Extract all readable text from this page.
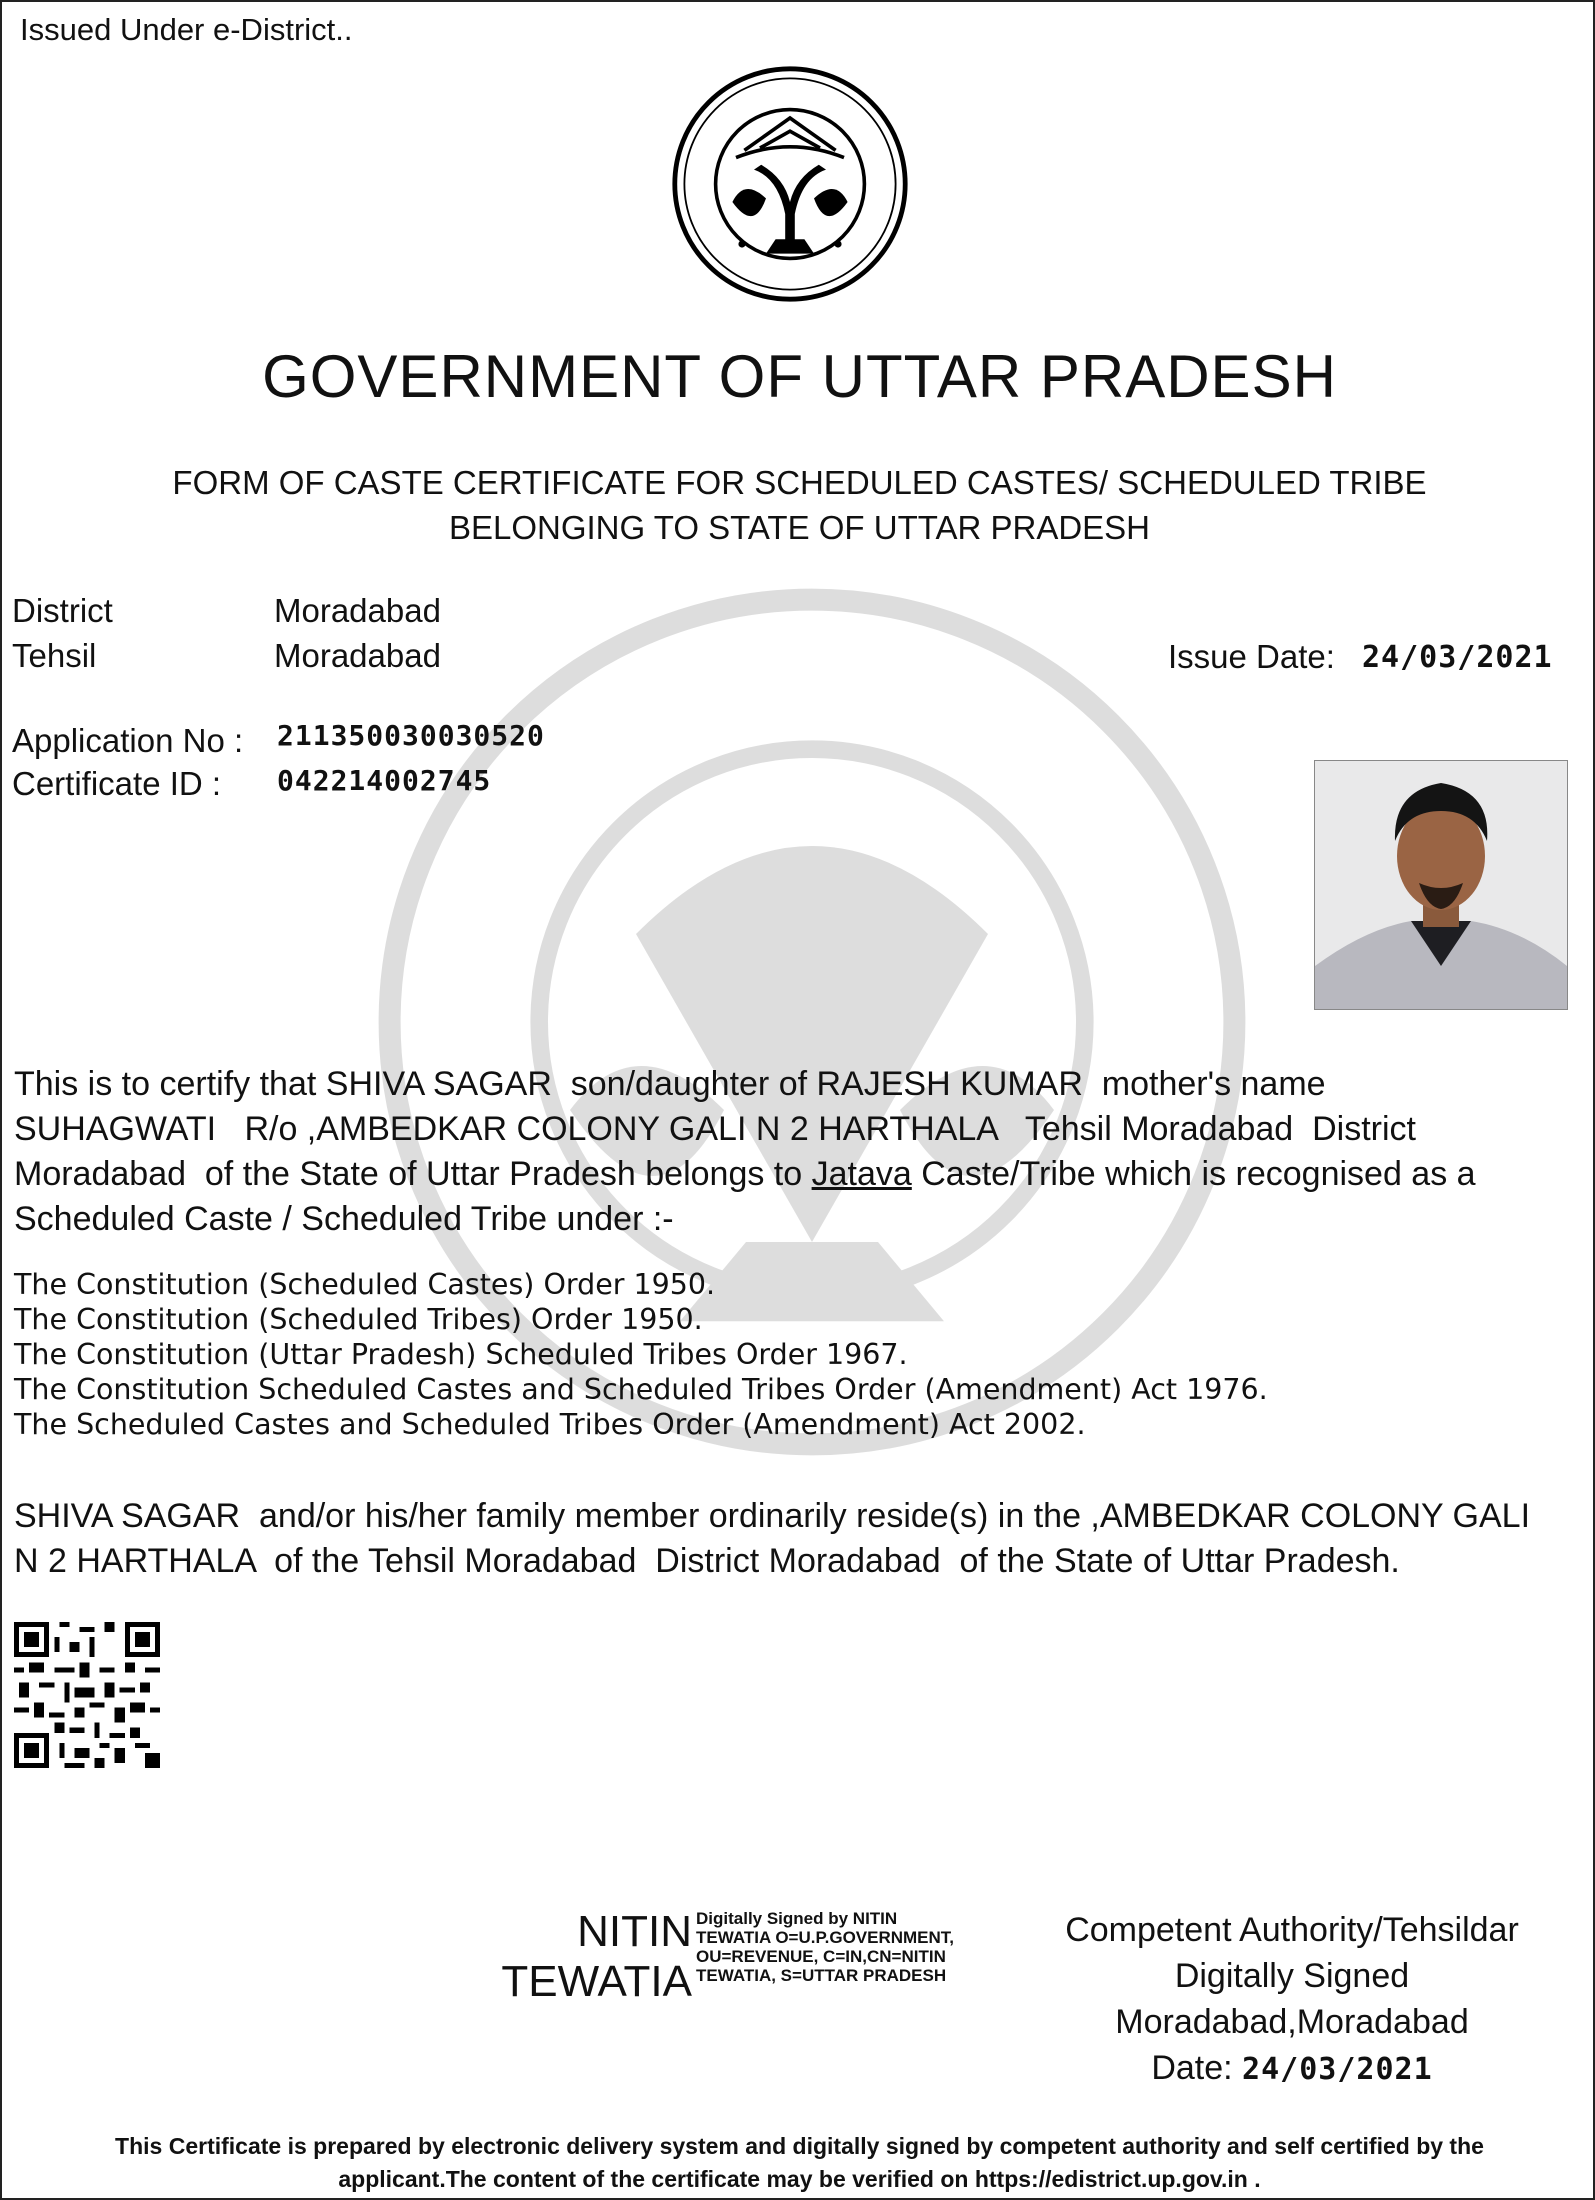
Issued Under e-District..
GOVERNMENT OF UTTAR PRADESH
FORM OF CASTE CERTIFICATE FOR SCHEDULED CASTES/ SCHEDULED TRIBE
BELONGING TO STATE OF UTTAR PRADESH
District	Moradabad
Tehsil	Moradabad	Issue Date: 24/03/2021
Application No : 211350030030520
Certificate ID : 042214002745
This is to certify that SHIVA SAGAR  son/daughter of RAJESH KUMAR  mother's name
SUHAGWATI   R/o ,AMBEDKAR COLONY GALI N 2 HARTHALA   Tehsil Moradabad  District
Moradabad  of the State of Uttar Pradesh belongs to Jatava Caste/Tribe which is recognised as a
Scheduled Caste / Scheduled Tribe under :-
The Constitution (Scheduled Castes) Order 1950.
The Constitution (Scheduled Tribes) Order 1950.
The Constitution (Uttar Pradesh) Scheduled Tribes Order 1967.
The Constitution Scheduled Castes and Scheduled Tribes Order (Amendment) Act 1976.
The Scheduled Castes and Scheduled Tribes Order (Amendment) Act 2002.
SHIVA SAGAR  and/or his/her family member ordinarily reside(s) in the ,AMBEDKAR COLONY GALI
N 2 HARTHALA  of the Tehsil Moradabad  District Moradabad  of the State of Uttar Pradesh.
NITIN
TEWATIA
Digitally Signed by NITIN
TEWATIA O=U.P.GOVERNMENT,
OU=REVENUE, C=IN,CN=NITIN
TEWATIA, S=UTTAR PRADESH
Competent Authority/Tehsildar
Digitally Signed
Moradabad,Moradabad
Date: 24/03/2021
This Certificate is prepared by electronic delivery system and digitally signed by competent authority and self certified by the
applicant.The content of the certificate may be verified on https://edistrict.up.gov.in .
